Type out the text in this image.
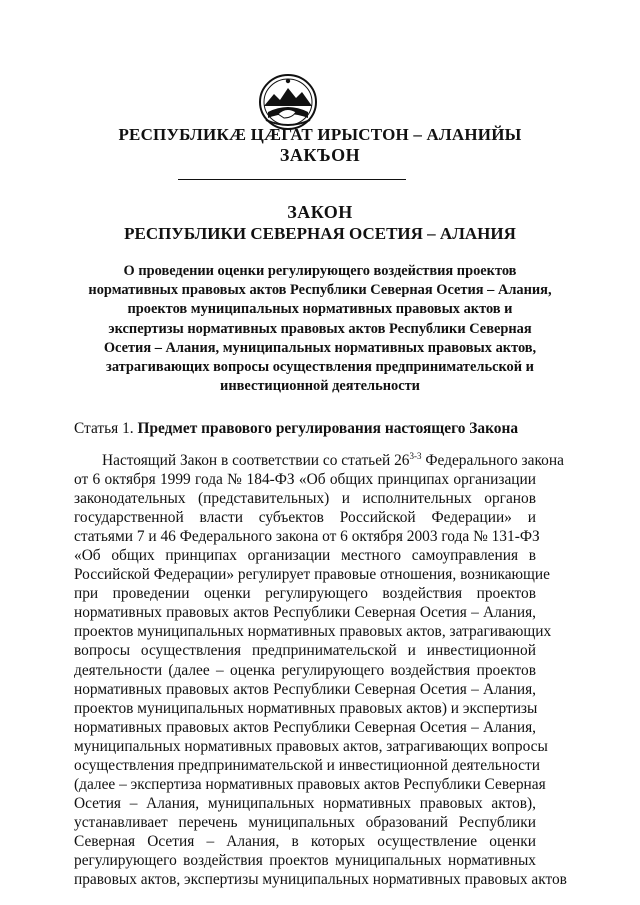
РЕСПУБЛИКÆ ЦÆГАТ ИРЫСТОН – АЛАНИЙЫ
ЗАКЪОН
ЗАКОН
РЕСПУБЛИКИ СЕВЕРНАЯ ОСЕТИЯ – АЛАНИЯ
О проведении оценки регулирующего воздействия проектов
нормативных правовых актов Республики Северная Осетия – Алания,
проектов муниципальных нормативных правовых актов и
экспертизы нормативных правовых актов Республики Северная
Осетия – Алания, муниципальных нормативных правовых актов,
затрагивающих вопросы осуществления предпринимательской и
инвестиционной деятельности
Статья 1. Предмет правового регулирования настоящего Закона
Настоящий Закон в соответствии со статьей 26$^{3-3}$ Федерального закона
от 6 октября 1999 года № 184-ФЗ «Об общих принципах организации
законодательных (представительных) и исполнительных органов
государственной власти субъектов Российской Федерации» и
статьями 7 и 46 Федерального закона от 6 октября 2003 года № 131-ФЗ
«Об общих принципах организации местного самоуправления в
Российской Федерации» регулирует правовые отношения, возникающие
при проведении оценки регулирующего воздействия проектов
нормативных правовых актов Республики Северная Осетия – Алания,
проектов муниципальных нормативных правовых актов, затрагивающих
вопросы осуществления предпринимательской и инвестиционной
деятельности (далее – оценка регулирующего воздействия проектов
нормативных правовых актов Республики Северная Осетия – Алания,
проектов муниципальных нормативных правовых актов) и экспертизы
нормативных правовых актов Республики Северная Осетия – Алания,
муниципальных нормативных правовых актов, затрагивающих вопросы
осуществления предпринимательской и инвестиционной деятельности
(далее – экспертиза нормативных правовых актов Республики Северная
Осетия – Алания, муниципальных нормативных правовых актов),
устанавливает перечень муниципальных образований Республики
Северная Осетия – Алания, в которых осуществление оценки
регулирующего воздействия проектов муниципальных нормативных
правовых актов, экспертизы муниципальных нормативных правовых актов
